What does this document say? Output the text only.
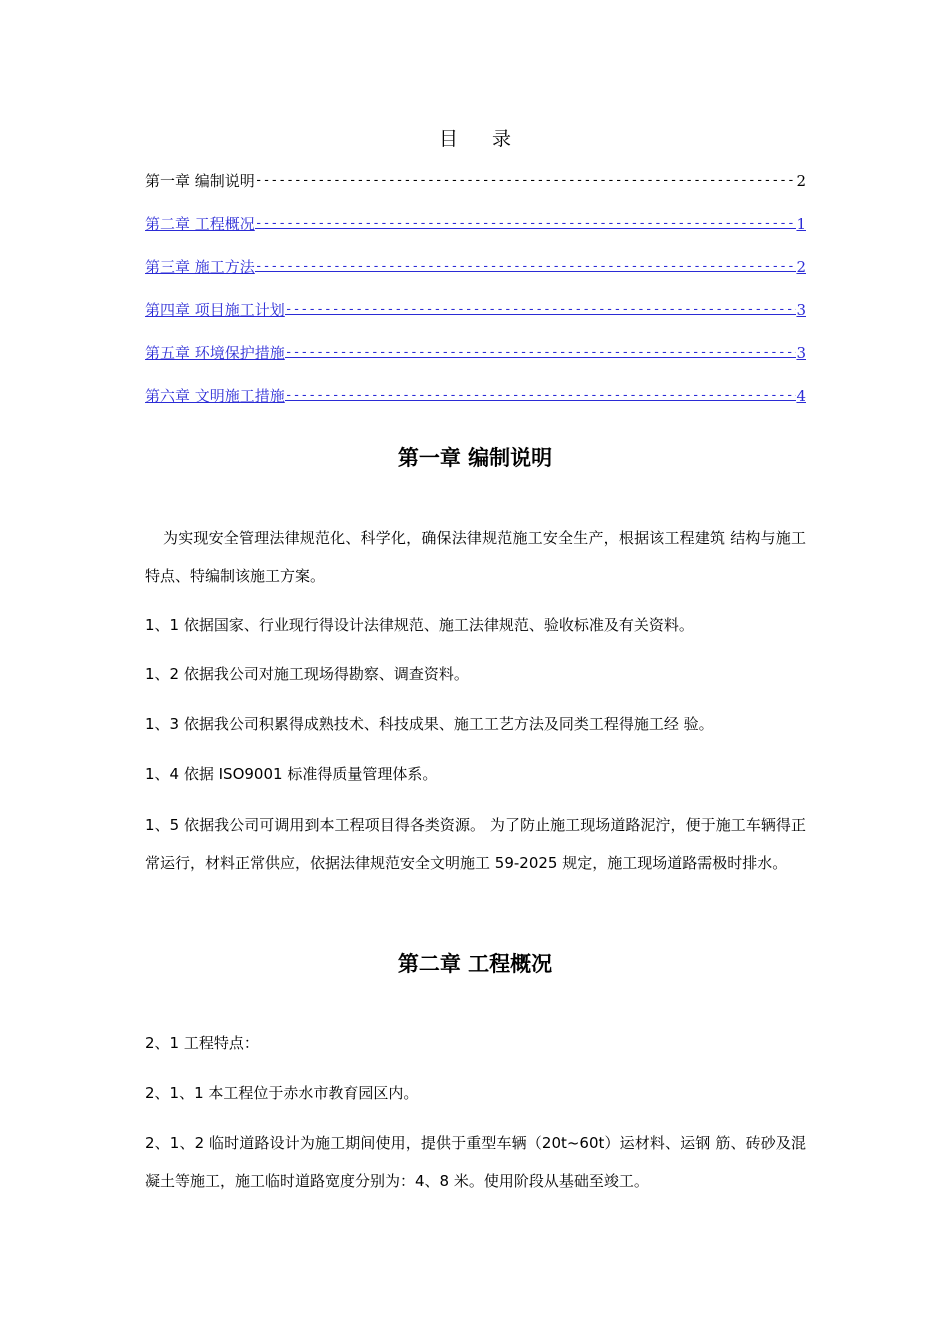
目 录
第一章 编制说明 -----	2
第二章 工程概况 -----	1
第三章 施工方法 -----	2
第四章 项目施工计划 -----	3
第五章 环境保护措施 -----	3
第六章 文明施工措施 -----	4
第一章 编制说明
为实现安全管理法律规范化、科学化，确保法律规范施工安全生产，根据该工程建筑 结构与施工特点、特编制该施工方案。
1、1 依据国家、行业现行得设计法律规范、施工法律规范、验收标准及有关资料。
1、2 依据我公司对施工现场得勘察、调查资料。
1、3 依据我公司积累得成熟技术、科技成果、施工工艺方法及同类工程得施工经 验。
1、4 依据 ISO9001 标准得质量管理体系。
1、5 依据我公司可调用到本工程项目得各类资源。 为了防止施工现场道路泥泞，便于施工车辆得正常运行，材料正常供应，依据法律规范安全文明施工 59-2025 规定，施工现场道路需极时排水。
第二章 工程概况
2、1 工程特点：
2、1、1 本工程位于赤水市教育园区内。
2、1、2 临时道路设计为施工期间使用，提供于重型车辆（20t~60t）运材料、运钢 筋、砖砂及混凝土等施工，施工临时道路宽度分别为：4、8 米。使用阶段从基础至竣工。
